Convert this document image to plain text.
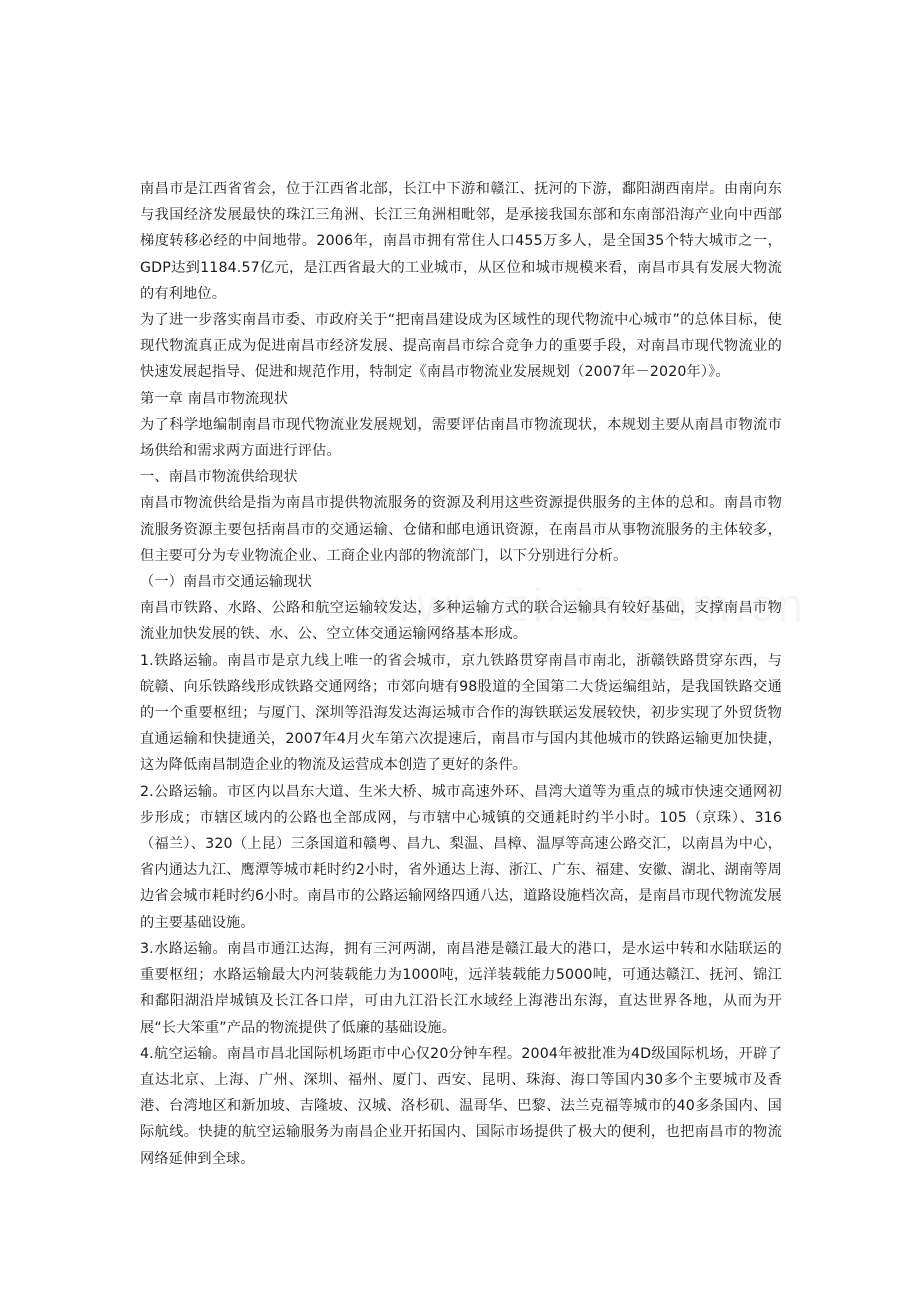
南昌市是江西省省会，位于江西省北部，长江中下游和赣江、抚河的下游，鄱阳湖西南岸。由南向东与我国经济发展最快的珠江三角洲、长江三角洲相毗邻，是承接我国东部和东南部沿海产业向中西部梯度转移必经的中间地带。2006年，南昌市拥有常住人口455万多人，是全国35个特大城市之一，GDP达到1184.57亿元，是江西省最大的工业城市，从区位和城市规模来看，南昌市具有发展大物流的有利地位。

为了进一步落实南昌市委、市政府关于“把南昌建设成为区域性的现代物流中心城市”的总体目标，使现代物流真正成为促进南昌市经济发展、提高南昌市综合竞争力的重要手段，对南昌市现代物流业的快速发展起指导、促进和规范作用，特制定《南昌市物流业发展规划（2007年－2020年）》。

第一章 南昌市物流现状

为了科学地编制南昌市现代物流业发展规划，需要评估南昌市物流现状，本规划主要从南昌市物流市场供给和需求两方面进行评估。

一、南昌市物流供给现状

南昌市物流供给是指为南昌市提供物流服务的资源及利用这些资源提供服务的主体的总和。南昌市物流服务资源主要包括南昌市的交通运输、仓储和邮电通讯资源，在南昌市从事物流服务的主体较多，但主要可分为专业物流企业、工商企业内部的物流部门，以下分别进行分析。

（一）南昌市交通运输现状

南昌市铁路、水路、公路和航空运输较发达，多种运输方式的联合运输具有较好基础，支撑南昌市物流业加快发展的铁、水、公、空立体交通运输网络基本形成。

1.铁路运输。南昌市是京九线上唯一的省会城市，京九铁路贯穿南昌市南北，浙赣铁路贯穿东西，与皖赣、向乐铁路线形成铁路交通网络；市郊向塘有98股道的全国第二大货运编组站，是我国铁路交通的一个重要枢纽；与厦门、深圳等沿海发达海运城市合作的海铁联运发展较快，初步实现了外贸货物直通运输和快捷通关，2007年4月火车第六次提速后，南昌市与国内其他城市的铁路运输更加快捷，这为降低南昌制造企业的物流及运营成本创造了更好的条件。

2.公路运输。市区内以昌东大道、生米大桥、城市高速外环、昌湾大道等为重点的城市快速交通网初步形成；市辖区域内的公路也全部成网，与市辖中心城镇的交通耗时约半小时。105（京珠）、316（福兰）、320（上昆）三条国道和赣粤、昌九、梨温、昌樟、温厚等高速公路交汇，以南昌为中心，省内通达九江、鹰潭等城市耗时约2小时，省外通达上海、浙江、广东、福建、安徽、湖北、湖南等周边省会城市耗时约6小时。南昌市的公路运输网络四通八达，道路设施档次高，是南昌市现代物流发展的主要基础设施。

3.水路运输。南昌市通江达海，拥有三河两湖，南昌港是赣江最大的港口，是水运中转和水陆联运的重要枢纽；水路运输最大内河装载能力为1000吨，远洋装载能力5000吨，可通达赣江、抚河、锦江和鄱阳湖沿岸城镇及长江各口岸，可由九江沿长江水域经上海港出东海，直达世界各地，从而为开展“长大笨重”产品的物流提供了低廉的基础设施。

4.航空运输。南昌市昌北国际机场距市中心仅20分钟车程。2004年被批准为4D级国际机场，开辟了直达北京、上海、广州、深圳、福州、厦门、西安、昆明、珠海、海口等国内30多个主要城市及香港、台湾地区和新加坡、吉隆坡、汉城、洛杉矶、温哥华、巴黎、法兰克福等城市的40多条国内、国际航线。快捷的航空运输服务为南昌企业开拓国内、国际市场提供了极大的便利，也把南昌市的物流网络延伸到全球。
